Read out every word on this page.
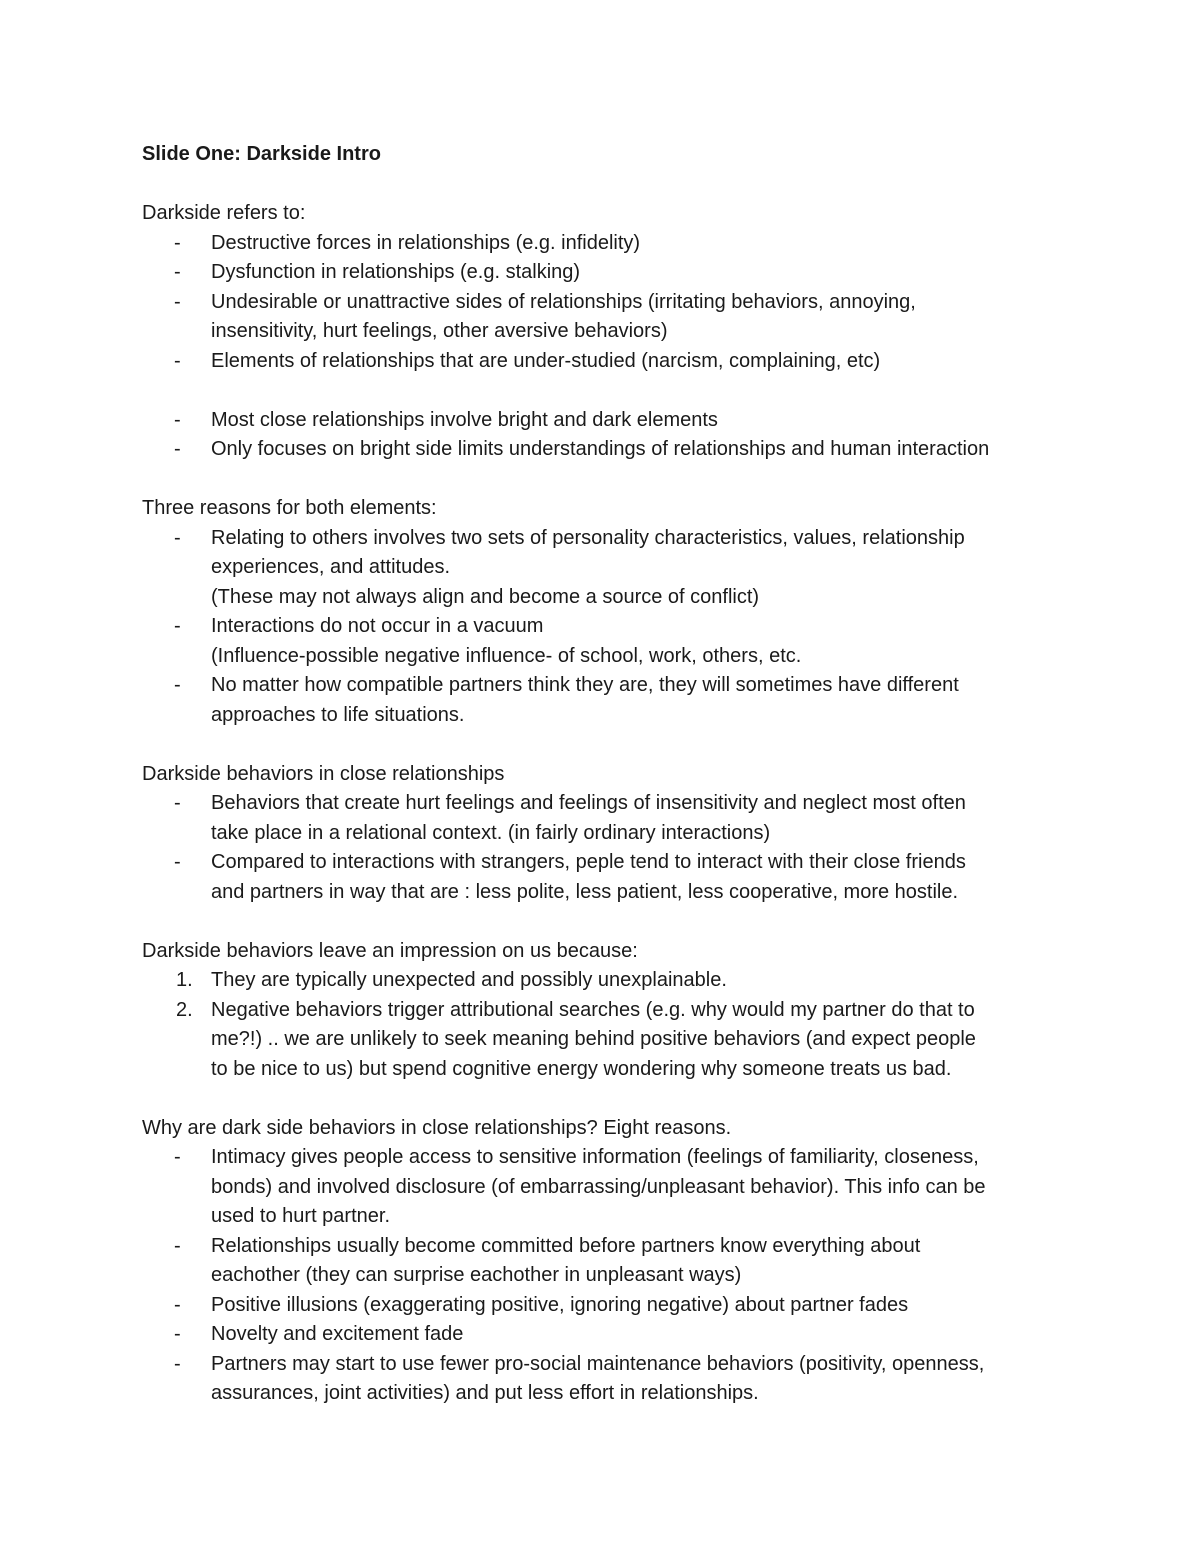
Slide One: Darkside Intro

Darkside refers to:

- Destructive forces in relationships (e.g. infidelity)
- Dysfunction in relationships (e.g. stalking)
- Undesirable or unattractive sides of relationships (irritating behaviors, annoying,
insensitivity, hurt feelings, other aversive behaviors)
- Elements of relationships that are under-studied (narcism, complaining, etc)
- Most close relationships involve bright and dark elements
- Only focuses on bright side limits understandings of relationships and human interaction

Three reasons for both elements:

- Relating to others involves two sets of personality characteristics, values, relationship
experiences, and attitudes.
(These may not always align and become a source of conflict)
- Interactions do not occur in a vacuum
(Influence-possible negative influence- of school, work, others, etc.
- No matter how compatible partners think they are, they will sometimes have different
approaches to life situations.

Darkside behaviors in close relationships

- Behaviors that create hurt feelings and feelings of insensitivity and neglect most often
take place in a relational context. (in fairly ordinary interactions)
- Compared to interactions with strangers, peple tend to interact with their close friends
and partners in way that are : less polite, less patient, less cooperative, more hostile.

Darkside behaviors leave an impression on us because:

1. They are typically unexpected and possibly unexplainable.
2. Negative behaviors trigger attributional searches (e.g. why would my partner do that to
me?!) .. we are unlikely to seek meaning behind positive behaviors (and expect people
to be nice to us) but spend cognitive energy wondering why someone treats us bad.

Why are dark side behaviors in close relationships? Eight reasons.

- Intimacy gives people access to sensitive information (feelings of familiarity, closeness,
bonds) and involved disclosure (of embarrassing/unpleasant behavior). This info can be
used to hurt partner.
- Relationships usually become committed before partners know everything about
eachother (they can surprise eachother in unpleasant ways)
- Positive illusions (exaggerating positive, ignoring negative) about partner fades
- Novelty and excitement fade
- Partners may start to use fewer pro-social maintenance behaviors (positivity, openness,
assurances, joint activities) and put less effort in relationships.
